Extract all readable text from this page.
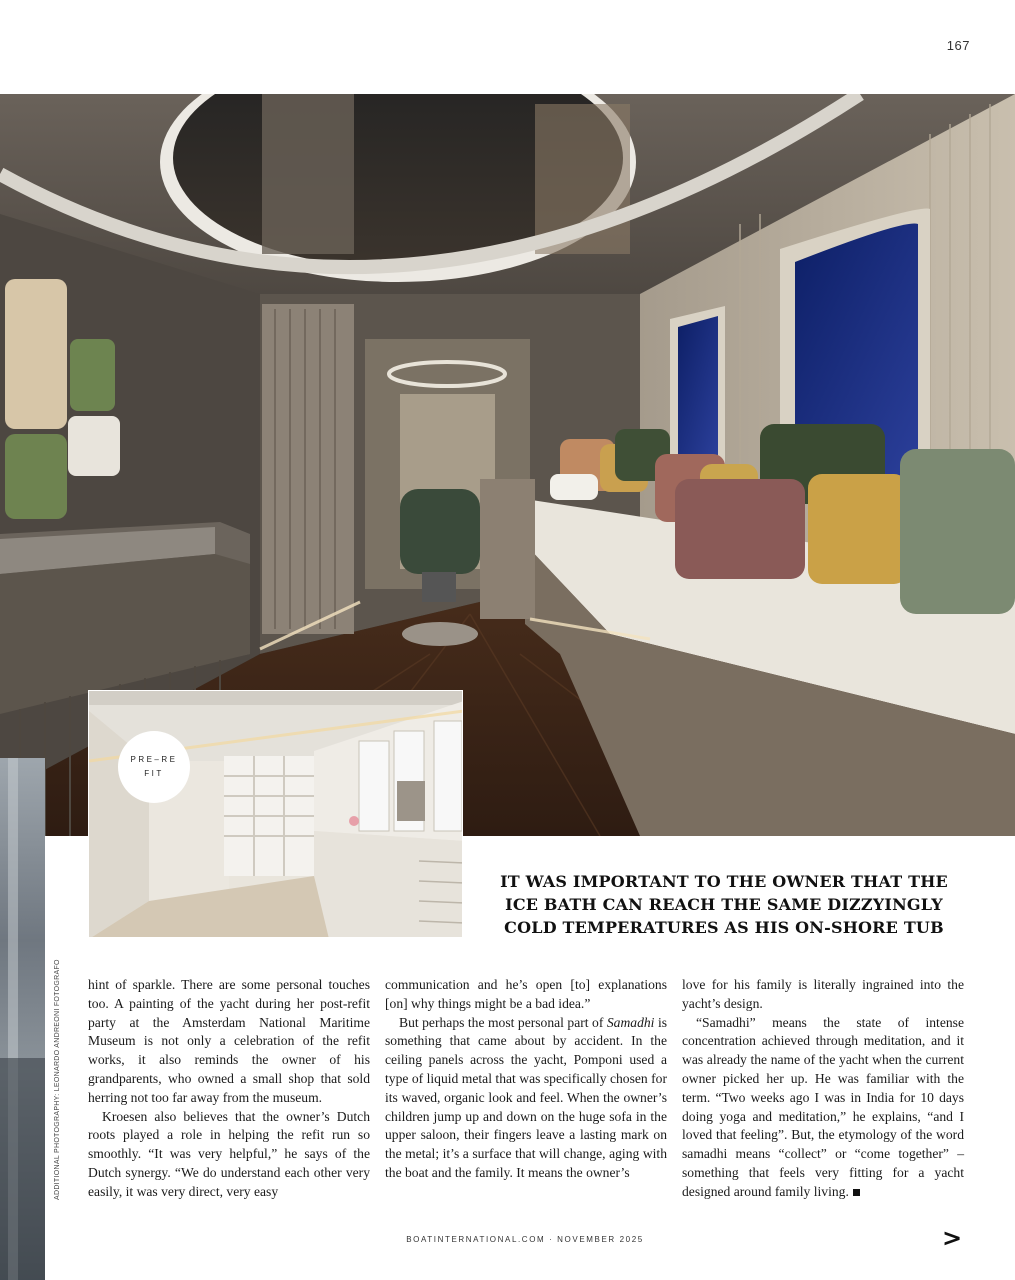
167
ADDITIONAL PHOTOGRAPHY: LEONARDO ANDREONI FOTOGRAFO
PRE–REFIT
IT WAS IMPORTANT TO THE OWNER THAT THE ICE BATH CAN REACH THE SAME DIZZYINGLY COLD TEMPERATURES AS HIS ON-SHORE TUB

hint of sparkle. There are some personal touches too. A painting of the yacht during her post-refit party at the Amsterdam National Maritime Museum is not only a celebration of the refit works, it also reminds the owner of his grandparents, who owned a small shop that sold herring not too far away from the museum.

Kroesen also believes that the owner’s Dutch roots played a role in helping the refit run so smoothly. “It was very helpful,” he says of the Dutch synergy. “We do understand each other very easily, it was very direct, very easy

communication and he’s open [to] explanations [on] why things might be a bad idea.”

But perhaps the most personal part of Samadhi is something that came about by accident. In the ceiling panels across the yacht, Pomponi used a type of liquid metal that was specifically chosen for its waved, organic look and feel. When the owner’s children jump up and down on the huge sofa in the upper saloon, their fingers leave a lasting mark on the metal; it’s a surface that will change, aging with the boat and the family. It means the owner’s

love for his family is literally ingrained into the yacht’s design.

“Samadhi” means the state of intense concentration achieved through meditation, and it was already the name of the yacht when the current owner picked her up. He was familiar with the term. “Two weeks ago I was in India for 10 days doing yoga and meditation,” he explains, “and I loved that feeling”. But, the etymology of the word samadhi means “collect” or “come together” – something that feels very fitting for a yacht designed around family living.

BOATINTERNATIONAL.COM · NOVEMBER 2025	>
